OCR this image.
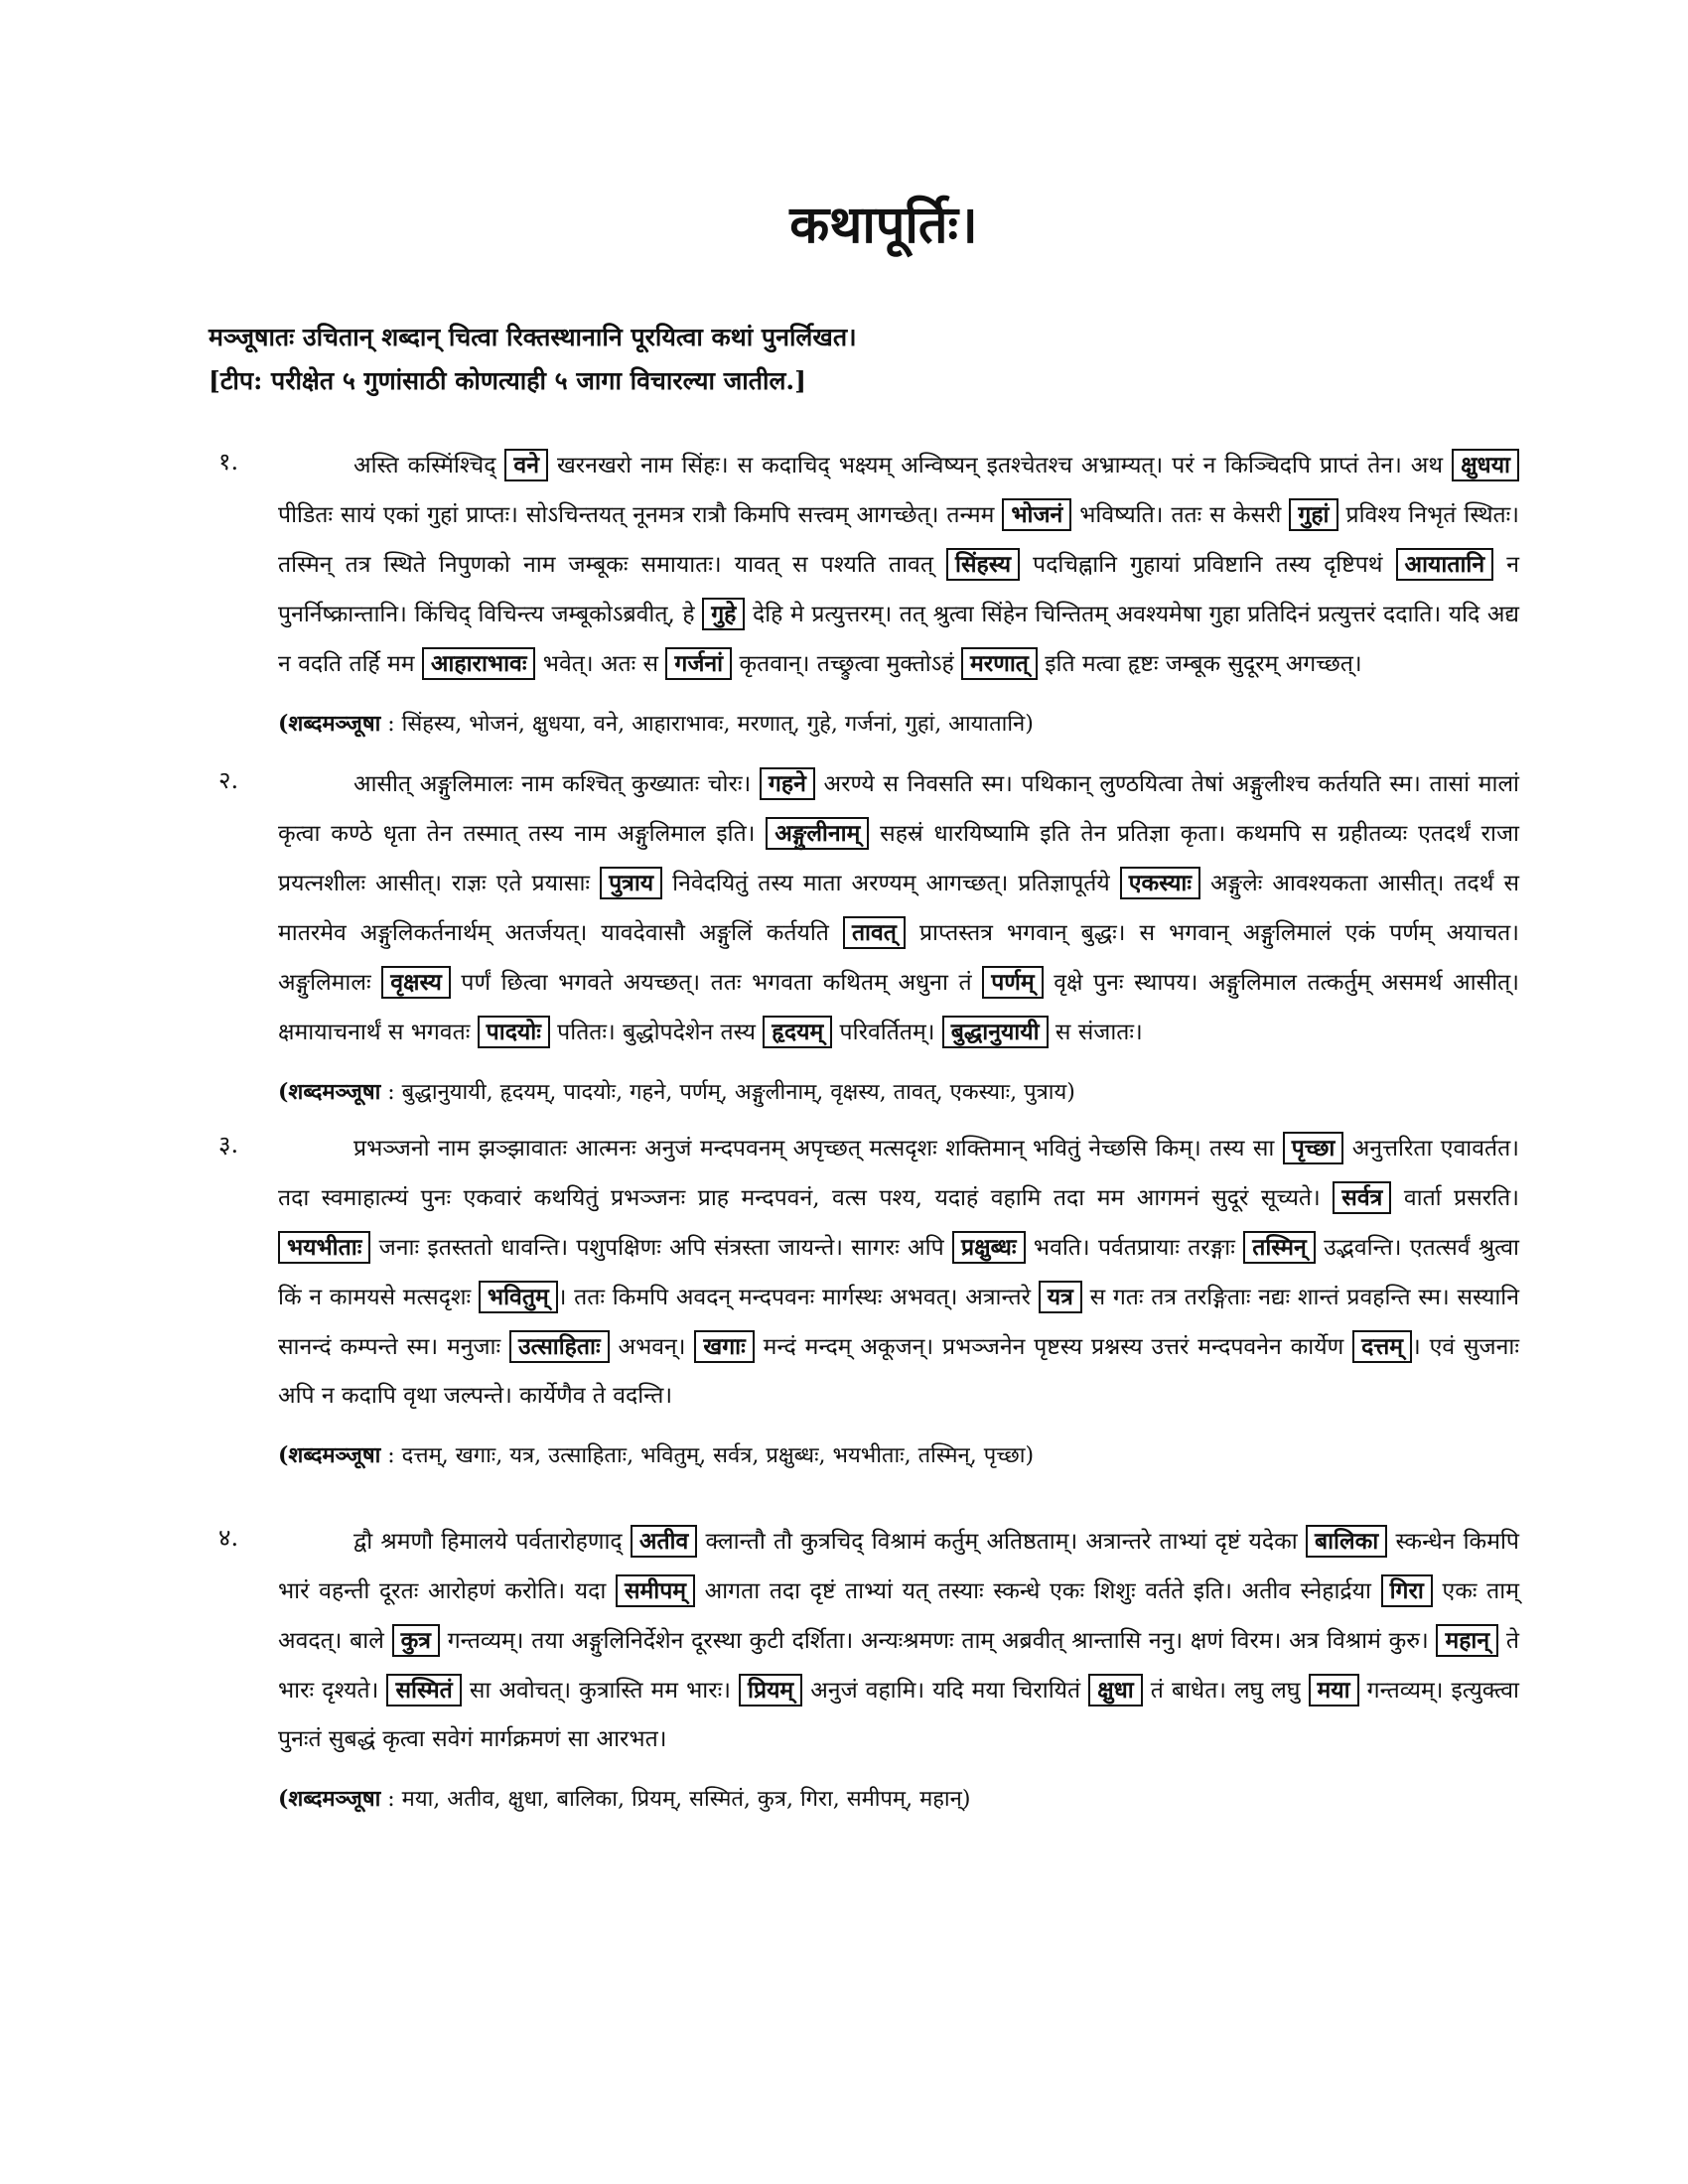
कथापूर्तिः।
मञ्जूषातः उचितान् शब्दान् चित्वा रिक्तस्थानानि पूरयित्वा कथां पुनर्लिखत।
[टीप: परीक्षेत ५ गुणांसाठी कोणत्याही ५ जागा विचारल्या जातील.]
१.	अस्ति कस्मिंश्चिद् वने खरनखरो नाम सिंहः। स कदाचिद् भक्ष्यम् अन्विष्यन् इतश्चेतश्च अभ्राम्यत्। परं न किञ्चिदपि प्राप्तं तेन। अथ क्षुधया पीडितः सायं एकां गुहां प्राप्तः। सोऽचिन्तयत् नूनमत्र रात्रौ किमपि सत्त्वम् आगच्छेत्। तन्मम भोजनं भविष्यति। ततः स केसरी गुहां प्रविश्य निभृतं स्थितः। तस्मिन् तत्र स्थिते निपुणको नाम जम्बूकः समायातः। यावत् स पश्यति तावत् सिंहस्य पदचिह्नानि गुहायां प्रविष्टानि तस्य दृष्टिपथं आयातानि न पुनर्निष्क्रान्तानि। किंचिद् विचिन्त्य जम्बूकोऽब्रवीत्, हे गुहे देहि मे प्रत्युत्तरम्। तत् श्रुत्वा सिंहेन चिन्तितम् अवश्यमेषा गुहा प्रतिदिनं प्रत्युत्तरं ददाति। यदि अद्य न वदति तर्हि मम आहाराभावः भवेत्। अतः स गर्जनां कृतवान्। तच्छ्रुत्वा मुक्तोऽहं मरणात् इति मत्वा हृष्टः जम्बूक सुदूरम् अगच्छत्।
(शब्दमञ्जूषा : सिंहस्य, भोजनं, क्षुधया, वने, आहाराभावः, मरणात्, गुहे, गर्जनां, गुहां, आयातानि)
२.	आसीत् अङ्गुलिमालः नाम कश्चित् कुख्यातः चोरः। गहने अरण्ये स निवसति स्म। पथिकान् लुण्ठयित्वा तेषां अङ्गुलीश्च कर्तयति स्म। तासां मालां कृत्वा कण्ठे धृता तेन तस्मात् तस्य नाम अङ्गुलिमाल इति। अङ्गुलीनाम् सहस्रं धारयिष्यामि इति तेन प्रतिज्ञा कृता। कथमपि स ग्रहीतव्यः एतदर्थं राजा प्रयत्नशीलः आसीत्। राज्ञः एते प्रयासाः पुत्राय निवेदयितुं तस्य माता अरण्यम् आगच्छत्। प्रतिज्ञापूर्तये एकस्याः अङ्गुलेः आवश्यकता आसीत्। तदर्थं स मातरमेव अङ्गुलिकर्तनार्थम् अतर्जयत्। यावदेवासौ अङ्गुलिं कर्तयति तावत् प्राप्तस्तत्र भगवान् बुद्धः। स भगवान् अङ्गुलिमालं एकं पर्णम् अयाचत। अङ्गुलिमालः वृक्षस्य पर्णं छित्वा भगवते अयच्छत्। ततः भगवता कथितम् अधुना तं पर्णम् वृक्षे पुनः स्थापय। अङ्गुलिमाल तत्कर्तुम् असमर्थ आसीत्। क्षमायाचनार्थं स भगवतः पादयोः पतितः। बुद्धोपदेशेन तस्य हृदयम् परिवर्तितम्। बुद्धानुयायी स संजातः।
(शब्दमञ्जूषा : बुद्धानुयायी, हृदयम्, पादयोः, गहने, पर्णम्, अङ्गुलीनाम्, वृक्षस्य, तावत्, एकस्याः, पुत्राय)
३.	प्रभञ्जनो नाम झञ्झावातः आत्मनः अनुजं मन्दपवनम् अपृच्छत् मत्सदृशः शक्तिमान् भवितुं नेच्छसि किम्। तस्य सा पृच्छा अनुत्तरिता एवावर्तत। तदा स्वमाहात्म्यं पुनः एकवारं कथयितुं प्रभञ्जनः प्राह मन्दपवनं, वत्स पश्य, यदाहं वहामि तदा मम आगमनं सुदूरं सूच्यते। सर्वत्र वार्ता प्रसरति। भयभीताः जनाः इतस्ततो धावन्ति। पशुपक्षिणः अपि संत्रस्ता जायन्ते। सागरः अपि प्रक्षुब्धः भवति। पर्वतप्रायाः तरङ्गाः तस्मिन् उद्भवन्ति। एतत्सर्वं श्रुत्वा किं न कामयसे मत्सदृशः भवितुम् । ततः किमपि अवदन् मन्दपवनः मार्गस्थः अभवत्। अत्रान्तरे यत्र स गतः तत्र तरङ्गिताः नद्यः शान्तं प्रवहन्ति स्म। सस्यानि सानन्दं कम्पन्ते स्म। मनुजाः उत्साहिताः अभवन्। खगाः मन्दं मन्दम् अकूजन्। प्रभञ्जनेन पृष्टस्य प्रश्नस्य उत्तरं मन्दपवनेन कार्येण दत्तम् । एवं सुजनाः अपि न कदापि वृथा जल्पन्ते। कार्येणैव ते वदन्ति।
(शब्दमञ्जूषा : दत्तम्, खगाः, यत्र, उत्साहिताः, भवितुम्, सर्वत्र, प्रक्षुब्धः, भयभीताः, तस्मिन्, पृच्छा)
४.	द्वौ श्रमणौ हिमालये पर्वतारोहणाद् अतीव क्लान्तौ तौ कुत्रचिद् विश्रामं कर्तुम् अतिष्ठताम्। अत्रान्तरे ताभ्यां दृष्टं यदेका बालिका स्कन्धेन किमपि भारं वहन्ती दूरतः आरोहणं करोति। यदा समीपम् आगता तदा दृष्टं ताभ्यां यत् तस्याः स्कन्धे एकः शिशुः वर्तते इति। अतीव स्नेहार्द्रया गिरा एकः ताम् अवदत्। बाले कुत्र गन्तव्यम्। तया अङ्गुलिनिर्देशेन दूरस्था कुटी दर्शिता। अन्यःश्रमणः ताम् अब्रवीत् श्रान्तासि ननु। क्षणं विरम। अत्र विश्रामं कुरु। महान् ते भारः दृश्यते। सस्मितं सा अवोचत्। कुत्रास्ति मम भारः। प्रियम् अनुजं वहामि। यदि मया चिरायितं क्षुधा तं बाधेत। लघु लघु मया गन्तव्यम्। इत्युक्त्वा पुनःतं सुबद्धं कृत्वा सवेगं मार्गक्रमणं सा आरभत।
(शब्दमञ्जूषा : मया, अतीव, क्षुधा, बालिका, प्रियम्, सस्मितं, कुत्र, गिरा, समीपम्, महान्)
